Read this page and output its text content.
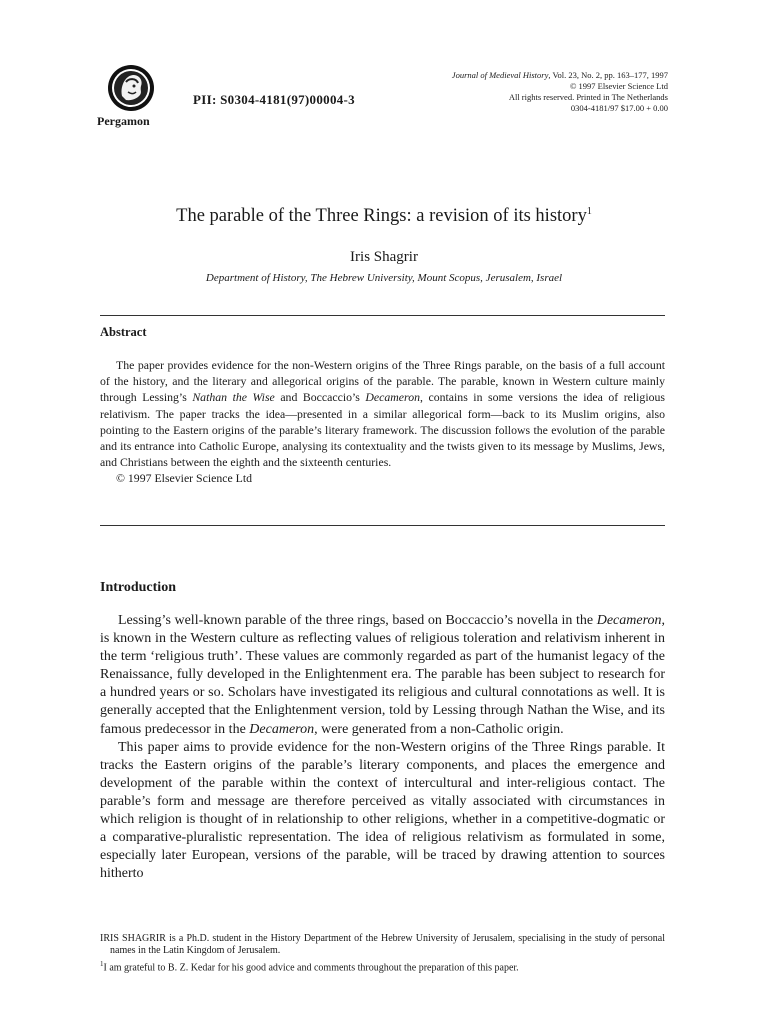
Pergamon
PII: S0304-4181(97)00004-3
Journal of Medieval History, Vol. 23, No. 2, pp. 163–177, 1997
© 1997 Elsevier Science Ltd
All rights reserved. Printed in The Netherlands
0304-4181/97 $17.00 + 0.00
The parable of the Three Rings: a revision of its history$^1$
Iris Shagrir
Department of History, The Hebrew University, Mount Scopus, Jerusalem, Israel
Abstract

The paper provides evidence for the non-Western origins of the Three Rings parable, on the basis of a full account of the history, and the literary and allegorical origins of the parable. The parable, known in Western culture mainly through Lessing’s Nathan the Wise and Boccaccio’s Decameron, contains in some versions the idea of religious relativism. The paper tracks the idea—presented in a similar allegorical form—back to its Muslim origins, also pointing to the Eastern origins of the parable’s literary framework. The discussion follows the evolution of the parable and its entrance into Catholic Europe, analysing its contextuality and the twists given to its message by Muslims, Jews, and Christians between the eighth and the sixteenth centuries.

© 1997 Elsevier Science Ltd

Introduction

Lessing’s well-known parable of the three rings, based on Boccaccio’s novella in the Decameron, is known in the Western culture as reflecting values of religious toleration and relativism inherent in the term ‘religious truth’. These values are commonly regarded as part of the humanist legacy of the Renaissance, fully developed in the Enlightenment era. The parable has been subject to research for a hundred years or so. Scholars have investigated its religious and cultural connotations as well. It is generally accepted that the Enlightenment version, told by Lessing through Nathan the Wise, and its famous predecessor in the Decameron, were generated from a non-Catholic origin.

This paper aims to provide evidence for the non-Western origins of the Three Rings parable. It tracks the Eastern origins of the parable’s literary components, and places the emergence and development of the parable within the context of intercultural and inter-religious contact. The parable’s form and message are therefore perceived as vitally associated with circumstances in which religion is thought of in relationship to other religions, whether in a competitive-dogmatic or a comparative-pluralistic representation. The idea of religious relativism as formulated in some, especially later European, versions of the parable, will be traced by drawing attention to sources hitherto

IRIS SHAGRIR is a Ph.D. student in the History Department of the Hebrew University of Jerusalem, specialising in the study of personal names in the Latin Kingdom of Jerusalem.

$^1$I am grateful to B. Z. Kedar for his good advice and comments throughout the preparation of this paper.
